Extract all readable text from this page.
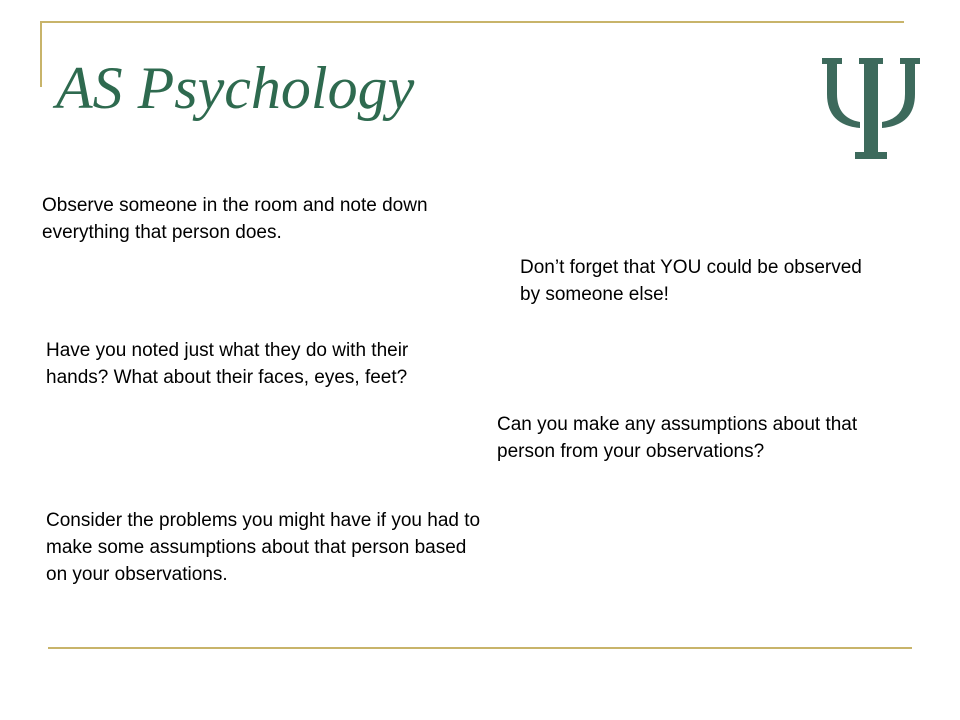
AS Psychology

Observe someone in the room and note down everything that person does.

Don’t forget that YOU could be observed by someone else!

Have you noted just what they do with their hands? What about their faces, eyes, feet?

Can you make any assumptions about that person from your observations?

Consider the problems you might have if you had to make some assumptions about that person based on your observations.
